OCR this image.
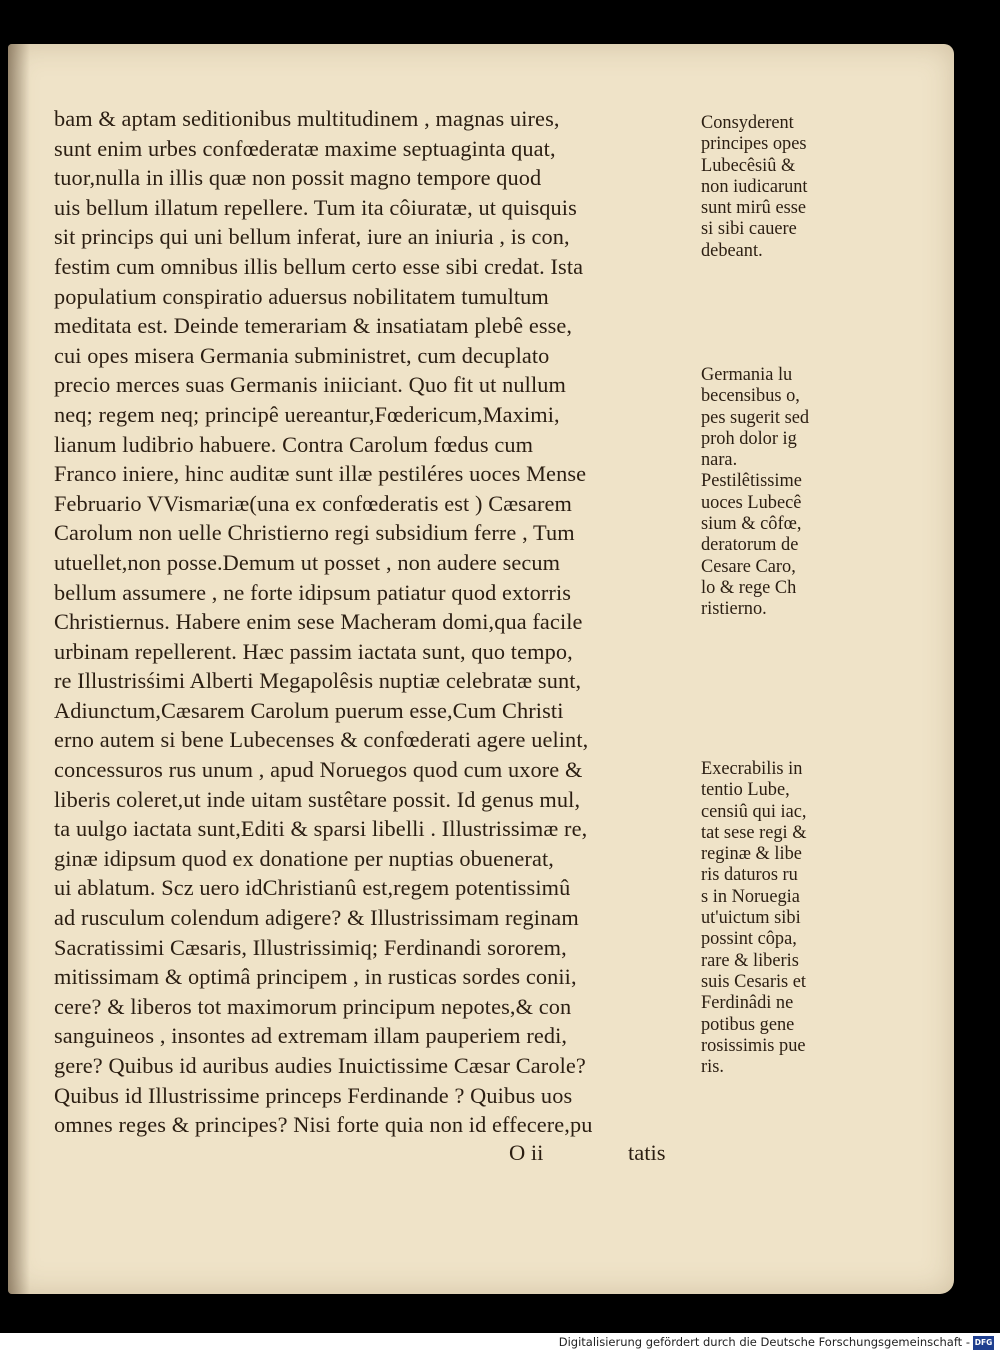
bam & aptam seditionibus multitudinem , magnas uires,
sunt enim urbes confœderatæ maxime septuaginta quat,
tuor,nulla in illis quæ non possit magno tempore quod
uis bellum illatum repellere. Tum ita côiuratæ, ut quisquis
sit princips qui uni bellum inferat, iure an iniuria , is con,
festim cum omnibus illis bellum certo esse sibi credat. Ista
populatium conspiratio aduersus nobilitatem tumultum
meditata est. Deinde temerariam & insatiatam plebê esse,
cui opes misera Germania subministret, cum decuplato
precio merces suas Germanis iniiciant. Quo fit ut nullum
neq; regem neq; principê uereantur,Fœdericum,Maximi,
lianum ludibrio habuere. Contra Carolum fœdus cum
Franco iniere, hinc auditæ sunt illæ pestiléres uoces Mense
Februario VVismariæ(una ex confœderatis est ) Cæsarem
Carolum non uelle Christierno regi subsidium ferre , Tum
utuellet,non posse.Demum ut posset , non audere secum
bellum assumere , ne forte idipsum patiatur quod extorris
Christiernus. Habere enim sese Macheram domi,qua facile
urbinam repellerent. Hæc passim iactata sunt, quo tempo,
re Illustrisśimi Alberti Megapolêsis nuptiæ celebratæ sunt,
Adiunctum,Cæsarem Carolum puerum esse,Cum Christi
erno autem si bene Lubecenses & confœderati agere uelint,
concessuros rus unum , apud Noruegos quod cum uxore &
liberis coleret,ut inde uitam sustêtare possit. Id genus mul,
ta uulgo iactata sunt,Editi & sparsi libelli . Illustrissimæ re,
ginæ idipsum quod ex donatione per nuptias obuenerat,
ui ablatum. Scz uero idChristianû est,regem potentissimû
ad rusculum colendum adigere? & Illustrissimam reginam
Sacratissimi Cæsaris, Illustrissimiq; Ferdinandi sororem,
mitissimam & optimâ principem , in rusticas sordes conii,
cere? & liberos tot maximorum principum nepotes,& con
sanguineos , insontes ad extremam illam pauperiem redi,
gere? Quibus id auribus audies Inuictissime Cæsar Carole?
Quibus id Illustrissime princeps Ferdinande ? Quibus uos
omnes reges & principes? Nisi forte quia non id effecere,pu
O ii	tatis
Consyderent
principes opes
Lubecêsiû &
non iudicarunt
sunt mirû esse
si sibi cauere
debeant.
Germania lu
becensibus o,
pes sugerit sed
proh dolor ig
nara.
Pestilêtissime
uoces Lubecê
sium & côfœ,
deratorum de
Cesare Caro,
lo & rege Ch
ristierno.
Execrabilis in
tentio Lube,
censiû qui iac,
tat sese regi &
reginæ & libe
ris daturos ru
s in Noruegia
ut'uictum sibi
possint côpa,
rare & liberis
suis Cesaris et
Ferdinâdi ne
potibus gene
rosissimis pue
ris.
Digitalisierung gefördert durch die Deutsche Forschungsgemeinschaft - DFG
